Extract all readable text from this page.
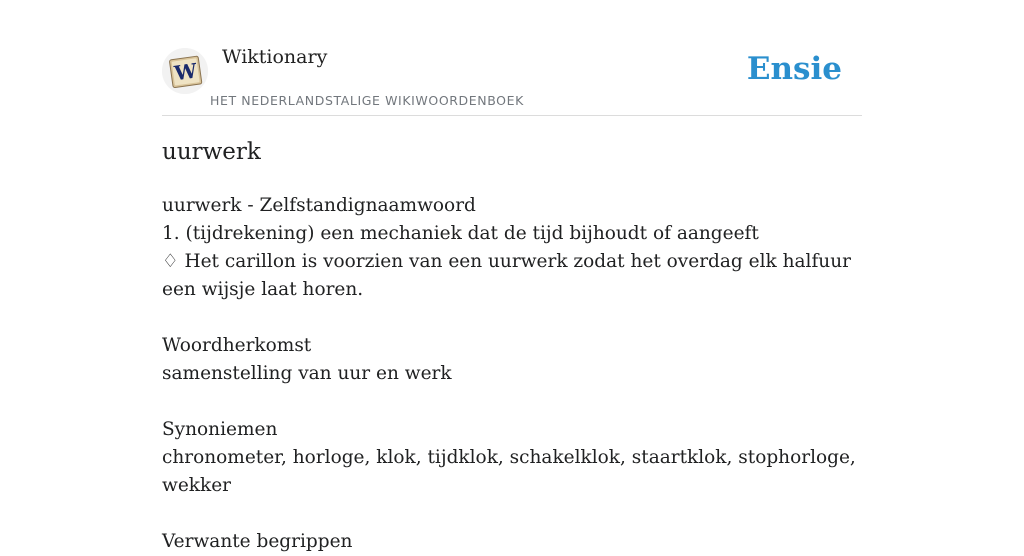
W
Wiktionary
HET NEDERLANDSTALIGE WIKIWOORDENBOEK
Ensie
uurwerk

uurwerk - Zelfstandignaamwoord

1. (tijdrekening) een mechaniek dat de tijd bijhoudt of aangeeft

♢ Het carillon is voorzien van een uurwerk zodat het overdag elk halfuur een wijsje laat horen.

Woordherkomst

samenstelling van uur en werk

Synoniemen

chronometer, horloge, klok, tijdklok, schakelklok, staartklok, stophorloge, wekker

Verwante begrippen
